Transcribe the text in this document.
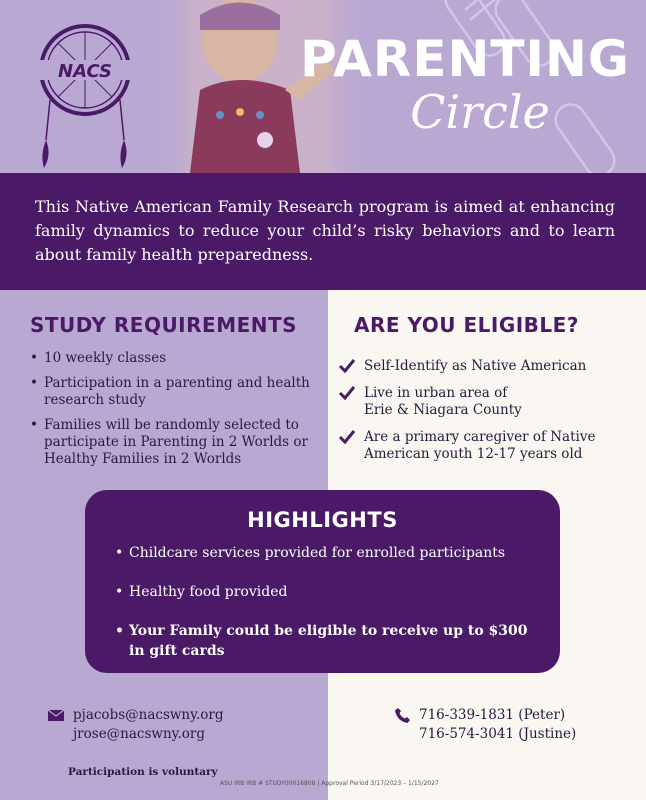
NACS	PARENTING
Circle

This Native American Family Research program is aimed at enhancing family dynamics to reduce your child’s risky behaviors and to learn about family health preparedness.

STUDY REQUIREMENTS
• 10 weekly classes
• Participation in a parenting and health research study
• Families will be randomly selected to participate in Parenting in 2 Worlds or Healthy Families in 2 Worlds
ARE YOU ELIGIBLE?
Self-Identify as Native American
Live in urban area of
Erie & Niagara County
Are a primary caregiver of Native
American youth 12-17 years old
HIGHLIGHTS
• Childcare services provided for enrolled participants
• Healthy food provided
• Your Family could be eligible to receive up to $300 in gift cards
pjacobs@nacswny.org
jrose@nacswny.org
716-339-1831 (Peter)
716-574-3041 (Justine)
Participation is voluntary
ASU IRB IRB # STUDY00016808 | Approval Period 3/17/2023 – 1/15/2027
